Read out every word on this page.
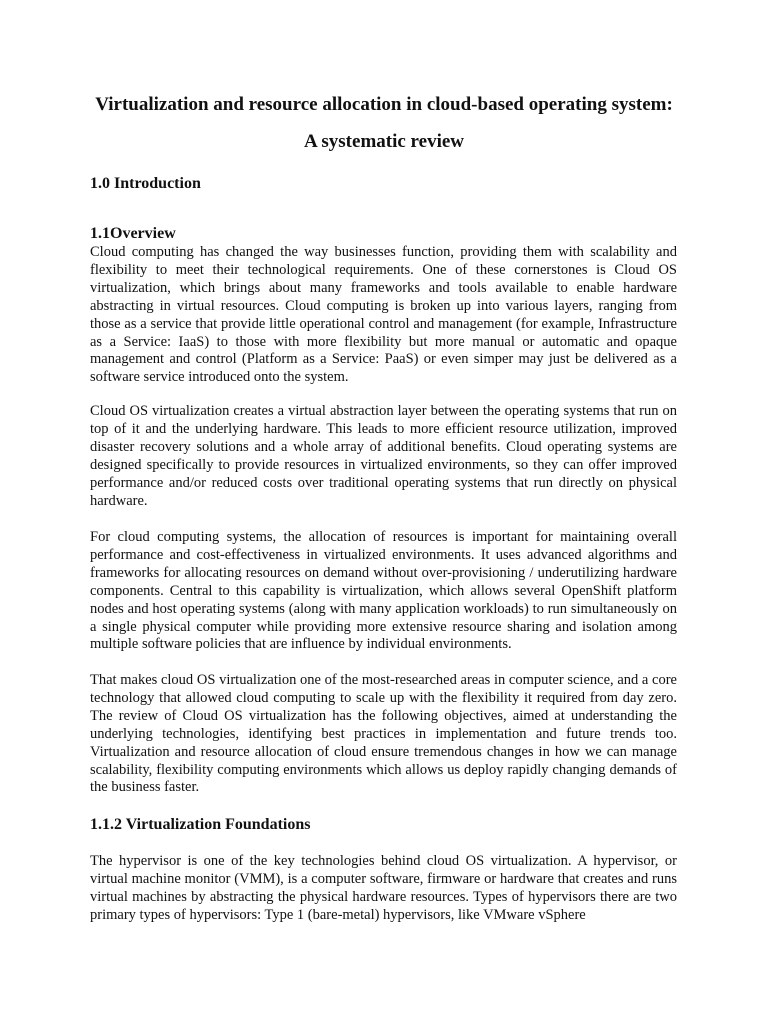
Virtualization and resource allocation in cloud-based operating system: A systematic review
1.0 Introduction
1.1Overview

Cloud computing has changed the way businesses function, providing them with scalability and flexibility to meet their technological requirements. One of these cornerstones is Cloud OS virtualization, which brings about many frameworks and tools available to enable hardware abstracting in virtual resources. Cloud computing is broken up into various layers, ranging from those as a service that provide little operational control and management (for example, Infrastructure as a Service: IaaS) to those with more flexibility but more manual or automatic and opaque management and control (Platform as a Service: PaaS) or even simper may just be delivered as a software service introduced onto the system.

Cloud OS virtualization creates a virtual abstraction layer between the operating systems that run on top of it and the underlying hardware. This leads to more efficient resource utilization, improved disaster recovery solutions and a whole array of additional benefits. Cloud operating systems are designed specifically to provide resources in virtualized environments, so they can offer improved performance and/or reduced costs over traditional operating systems that run directly on physical hardware.

For cloud computing systems, the allocation of resources is important for maintaining overall performance and cost-effectiveness in virtualized environments. It uses advanced algorithms and frameworks for allocating resources on demand without over-provisioning / underutilizing hardware components. Central to this capability is virtualization, which allows several OpenShift platform nodes and host operating systems (along with many application workloads) to run simultaneously on a single physical computer while providing more extensive resource sharing and isolation among multiple software policies that are influence by individual environments.

That makes cloud OS virtualization one of the most-researched areas in computer science, and a core technology that allowed cloud computing to scale up with the flexibility it required from day zero. The review of Cloud OS virtualization has the following objectives, aimed at understanding the underlying technologies, identifying best practices in implementation and future trends too. Virtualization and resource allocation of cloud ensure tremendous changes in how we can manage scalability, flexibility computing environments which allows us deploy rapidly changing demands of the business faster.

1.1.2 Virtualization Foundations

The hypervisor is one of the key technologies behind cloud OS virtualization. A hypervisor, or virtual machine monitor (VMM), is a computer software, firmware or hardware that creates and runs virtual machines by abstracting the physical hardware resources. Types of hypervisors there are two primary types of hypervisors: Type 1 (bare-metal) hypervisors, like VMware vSphere
